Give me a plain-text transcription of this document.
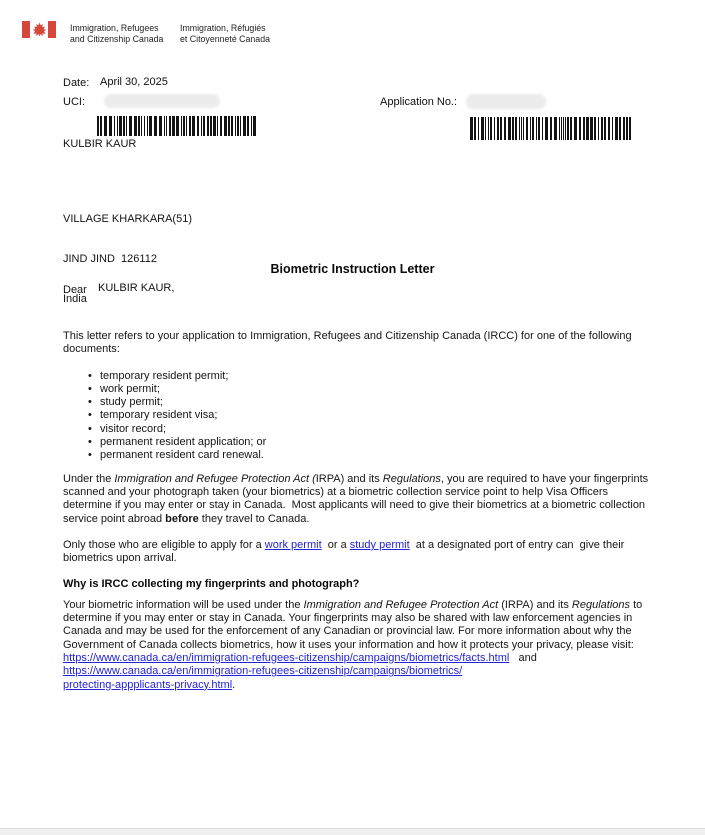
Immigration, Refugees
and Citizenship Canada
Immigration, Réfugiés
et Citoyenneté Canada
Date: April 30, 2025
UCI:	Application No.:
KULBIR KAUR

VILLAGE KHARKARA(51)

JIND JIND  126112

India

Biometric Instruction Letter
Dear KULBIR KAUR,
This letter refers to your application to Immigration, Refugees and Citizenship Canada (IRCC) for one of the following documents:
• temporary resident permit;
• work permit;
• study permit;
• temporary resident visa;
• visitor record;
• permanent resident application; or
• permanent resident card renewal.
Under the Immigration and Refugee Protection Act (IRPA) and its Regulations, you are required to have your fingerprints scanned and your photograph taken (your biometrics) at a biometric collection service point to help Visa Officers determine if you may enter or stay in Canada.  Most applicants will need to give their biometrics at a biometric collection service point abroad before they travel to Canada.
Only those who are eligible to apply for a work permit  or a study permit  at a designated port of entry can  give their biometrics upon arrival.
Why is IRCC collecting my fingerprints and photograph?
Your biometric information will be used under the Immigration and Refugee Protection Act (IRPA) and its Regulations to determine if you may enter or stay in Canada. Your fingerprints may also be shared with law enforcement agencies in Canada and may be used for the enforcement of any Canadian or provincial law. For more information about why the Government of Canada collects biometrics, how it uses your information and how it protects your privacy, please visit:
https://www.canada.ca/en/immigration-refugees-citizenship/campaigns/biometrics/facts.html   and
https://www.canada.ca/en/immigration-refugees-citizenship/campaigns/biometrics/
protecting-appplicants-privacy.html.
